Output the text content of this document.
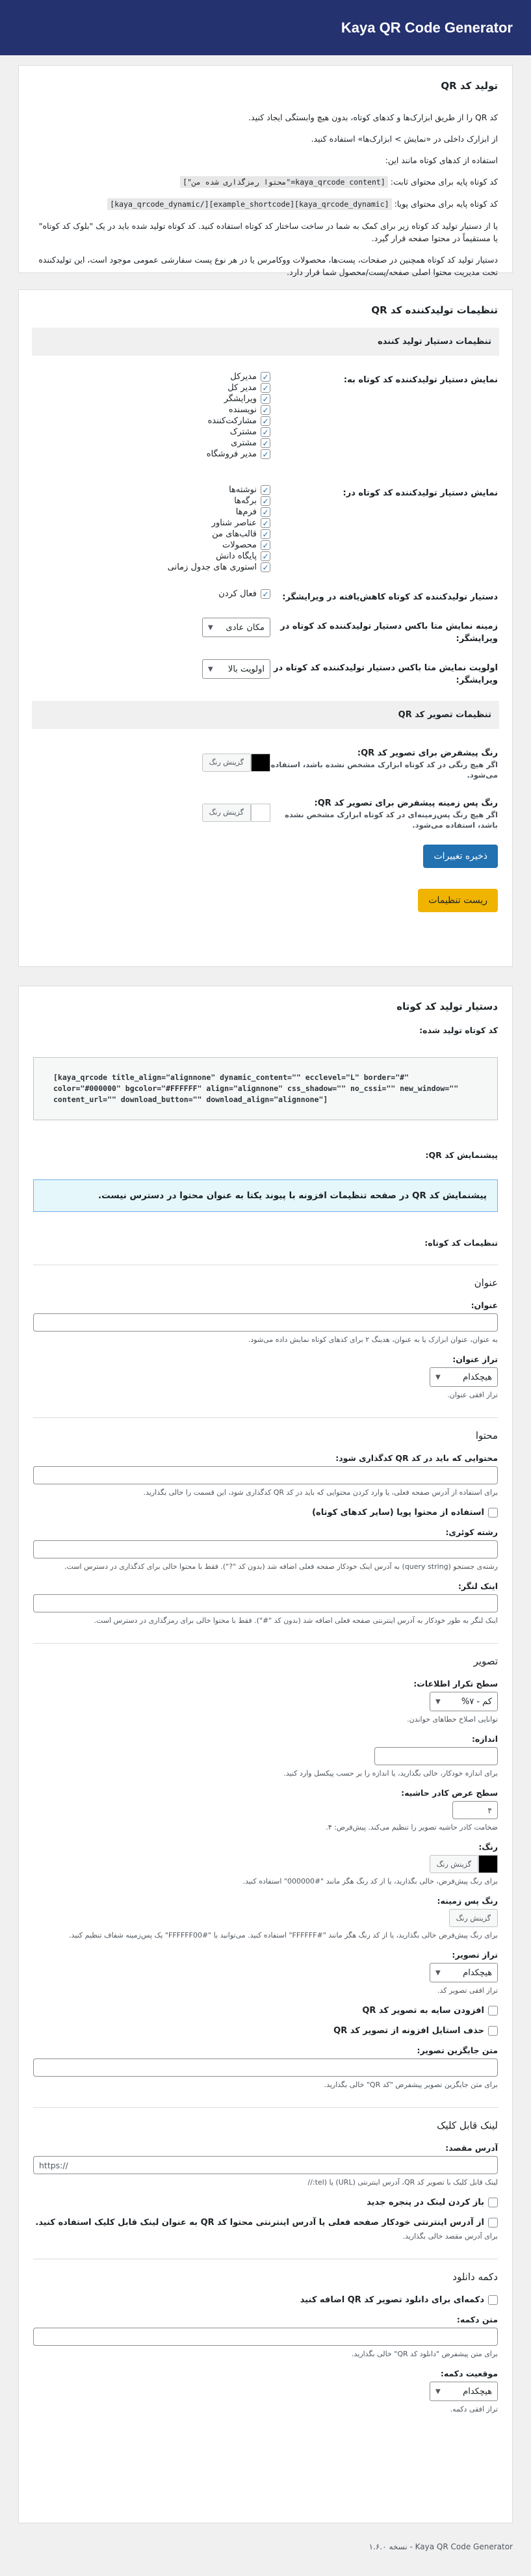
Kaya QR Code Generator
تولید کد QR

کد QR را از طریق ابزارک‌ها و کدهای کوتاه، بدون هیچ وابستگی ایجاد کنید.

از ابزارک داخلی در «نمایش > ابزارک‌ها» استفاده کنید.

استفاده از کدهای کوتاه مانند این:

کد کوتاه پایه برای محتوای ثابت: [kaya_qrcode content="محتوا رمزگذاری شده من"]

کد کوتاه پایه برای محتوای پویا: [kaya_qrcode_dynamic][example_shortcode][/kaya_qrcode_dynamic]

یا از دستیار تولید کد کوتاه زیر برای کمک به شما در ساخت ساختار کد کوتاه استفاده کنید. کد کوتاه تولید شده باید در یک "بلوک کد کوتاه" یا مستقیماً در محتوا صفحه قرار گیرد.

دستیار تولید کد کوتاه همچنین در صفحات، پست‌ها، محصولات ووکامرس یا در هر نوع پست سفارشی عمومی موجود است، این تولیدکننده تحت مدیریت محتوا اصلی صفحه/پست/محصول شما قرار دارد.

تنظیمات تولیدکننده کد QR
تنظیمات دستیار تولید کننده
نمایش دستیار تولیدکننده کد کوتاه به:
✓
مدیرکل
✓
مدیر کل
✓
ویرایشگر
✓
نویسنده
✓
مشارکت‌کننده
✓
مشترک
✓
مشتری
✓
مدیر فروشگاه
نمایش دستیار تولیدکننده کد کوتاه در:
✓
نوشته‌ها
✓
برگه‌ها
✓
فرم‌ها
✓
عناصر شناور
✓
قالب‌های من
✓
محصولات
✓
پایگاه دانش
✓
استوری های جدول زمانی
دستیار تولیدکننده کد کوتاه کاهش‌یافته در ویرایشگر:
✓
فعال کردن
زمینه نمایش متا باکس دستیار تولیدکننده کد کوتاه در ویرایشگر:
مکان عادی
▼
اولویت نمایش متا باکس دستیار تولیدکننده کد کوتاه در ویرایشگر:
اولویت بالا
▼
تنظیمات تصویر کد QR
رنگ پیشفرض برای تصویر کد QR:
اگر هیچ رنگی در کد کوتاه ابزارک مشخص نشده باشد، استفاده می‌شود.
گزینش رنگ
رنگ پس زمینه پیشفرض برای تصویر کد QR:
اگر هیچ رنگ پس‌زمینه‌ای در کد کوتاه ابزارک مشخص نشده باشد، استفاده می‌شود.
گزینش رنگ
ذخیره تغییرات
ریست تنظیمات
دستیار تولید کد کوتاه
کد کوتاه تولید شده:
[kaya_qrcode title_align="alignnone" dynamic_content="" ecclevel="L" border="#" color="#000000" bgcolor="#FFFFFF" align="alignnone" css_shadow="" no_cssi="" new_window="" content_url="" download_button="" download_align="alignnone"]
پیشنمایش کد QR:
پیشنمایش کد QR در صفحه تنظیمات افزونه با پیوند یکتا به عنوان محتوا در دسترس نیست.
تنظیمات کد کوتاه:
عنوان
عنوان:
به عنوان، عنوان ابزارک یا به عنوان، هدینگ ۲ برای کدهای کوتاه نمایش داده می‌شود.
تراز عنوان:
هیچکدام
▼
تراز افقی عنوان.
محتوا
محتوایی که باید در کد QR کدگذاری شود:
برای استفاده از آدرس صفحه فعلی، یا وارد کردن محتوایی که باید در کد QR کدگذاری شود، این قسمت را خالی بگذارید.
استفاده از محتوا پویا (سایر کدهای کوتاه)
رشته کوئری:
رشته‌ی جستجو (query string) به آدرس اینک خودکار صفحه فعلی اضافه شد (بدون کد "?"). فقط با محتوا خالی برای کدگذاری در دسترس است.
اینک لنگر:
اینک لنگر به طور خودکار به آدرس اینترنتی صفحه فعلی اضافه شد (بدون کد "#"). فقط با محتوا خالی برای رمزگذاری در دسترس است.
تصویر
سطح تکرار اطلاعات:
کم - ۷%
▼
توانایی اصلاح خطاهای خواندن.
اندازه:
برای اندازه خودکار، خالی بگذارید، یا اندازه را بر حسب پیکسل وارد کنید.
سطح عرض کادر حاشیه:
۴
ضخامت کادر حاشیه تصویر را تنظیم می‌کند. پیش‌فرض: ۴.
رنگ:
گزینش رنگ
برای رنگ پیش‌فرض، خالی بگذارید، یا از کد رنگ هگز مانند "#000000" استفاده کنید.
رنگ پس زمینه:
گزینش رنگ
برای رنگ پیش‌فرض خالی بگذارید، یا از کد رنگ هگز مانند "#FFFFFF" استفاده کنید. می‌توانید با "#FFFFFF00" یک پس‌زمینه شفاف تنظیم کنید.
تراز تصویر:
هیچکدام
▼
تراز افقی تصویر کد.
افزودن سایه به تصویر کد QR
حذف استایل افزونه از تصویر کد QR
متن جایگزین تصویر:
برای متن جایگزین تصویر پیشفرض "کد QR" خالی بگذارید.
لینک قابل کلیک
آدرس مقصد:
https://
لینک قابل کلیک با تصویر کد QR، آدرس اینترنتی (URL) یا (tel://
باز کردن لینک در پنجره جدید
از آدرس اینترنتی خودکار صفحه فعلی یا آدرس اینترنتی محتوا کد QR به عنوان لینک قابل کلیک استفاده کنید.
برای آدرس مقصد خالی بگذارید.
دکمه دانلود
دکمه‌ای برای دانلود تصویر کد QR اضافه کنید
متن دکمه:
برای متن پیشفرض "دانلود کد QR" خالی بگذارید.
موقعیت دکمه:
هیچکدام
▼
تراز افقی دکمه.
Kaya QR Code Generator - نسخه ۱.۶.۰
